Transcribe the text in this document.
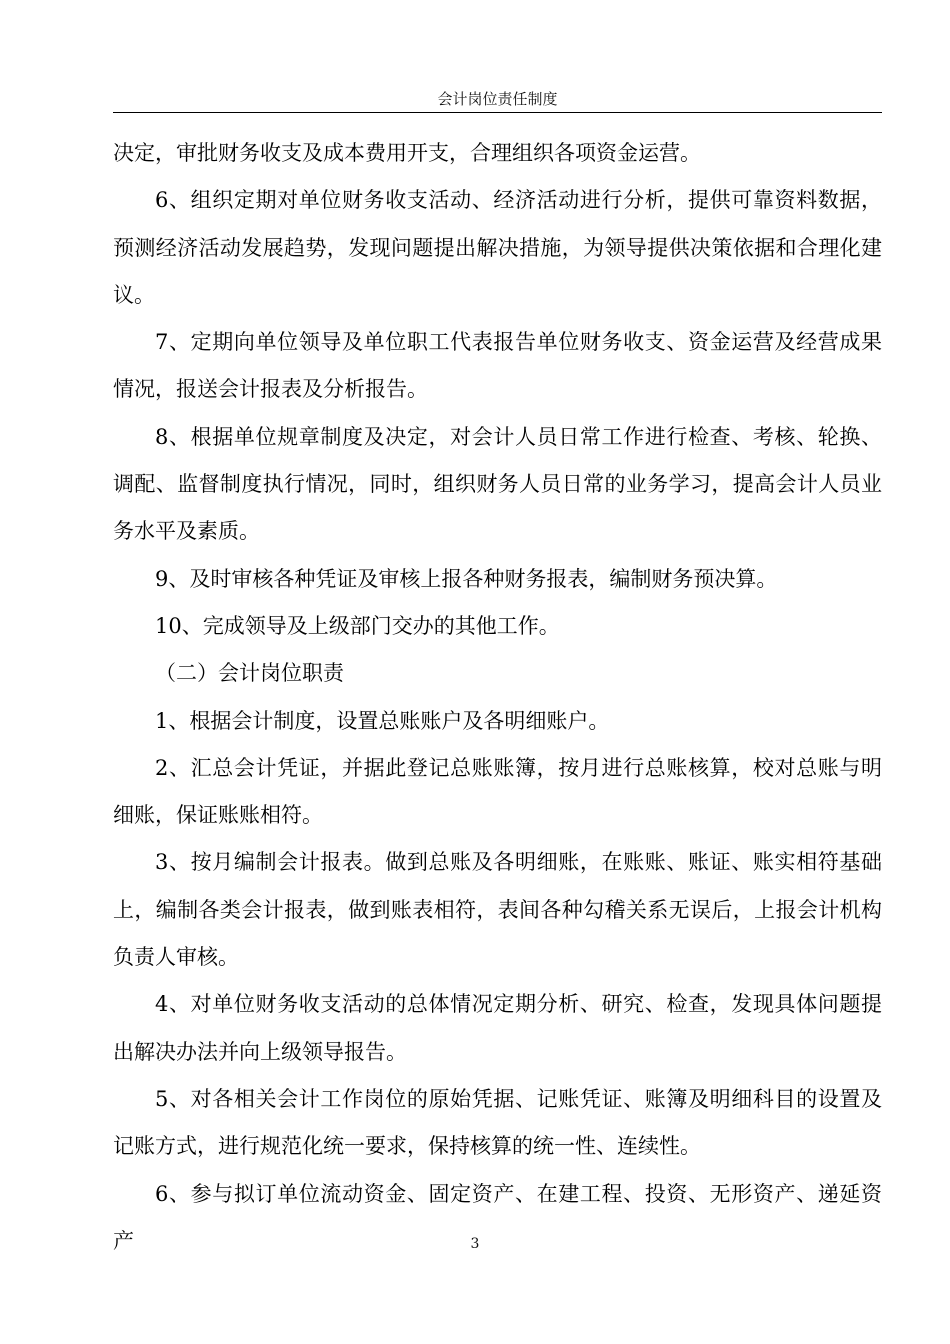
会计岗位责任制度

决定，审批财务收支及成本费用开支，合理组织各项资金运营。

6、组织定期对单位财务收支活动、经济活动进行分析，提供可靠资料数据，预测经济活动发展趋势，发现问题提出解决措施，为领导提供决策依据和合理化建议。

7、定期向单位领导及单位职工代表报告单位财务收支、资金运营及经营成果情况，报送会计报表及分析报告。

8、根据单位规章制度及决定，对会计人员日常工作进行检查、考核、轮换、调配、监督制度执行情况，同时，组织财务人员日常的业务学习，提高会计人员业务水平及素质。

9、及时审核各种凭证及审核上报各种财务报表，编制财务预决算。

10、完成领导及上级部门交办的其他工作。

（二）会计岗位职责

1、根据会计制度，设置总账账户及各明细账户。

2、汇总会计凭证，并据此登记总账账簿，按月进行总账核算，校对总账与明细账，保证账账相符。

3、按月编制会计报表。做到总账及各明细账，在账账、账证、账实相符基础上，编制各类会计报表，做到账表相符，表间各种勾稽关系无误后，上报会计机构负责人审核。

4、对单位财务收支活动的总体情况定期分析、研究、检查，发现具体问题提出解决办法并向上级领导报告。

5、对各相关会计工作岗位的原始凭据、记账凭证、账簿及明细科目的设置及记账方式，进行规范化统一要求，保持核算的统一性、连续性。

6、参与拟订单位流动资金、固定资产、在建工程、投资、无形资产、递延资产	3
